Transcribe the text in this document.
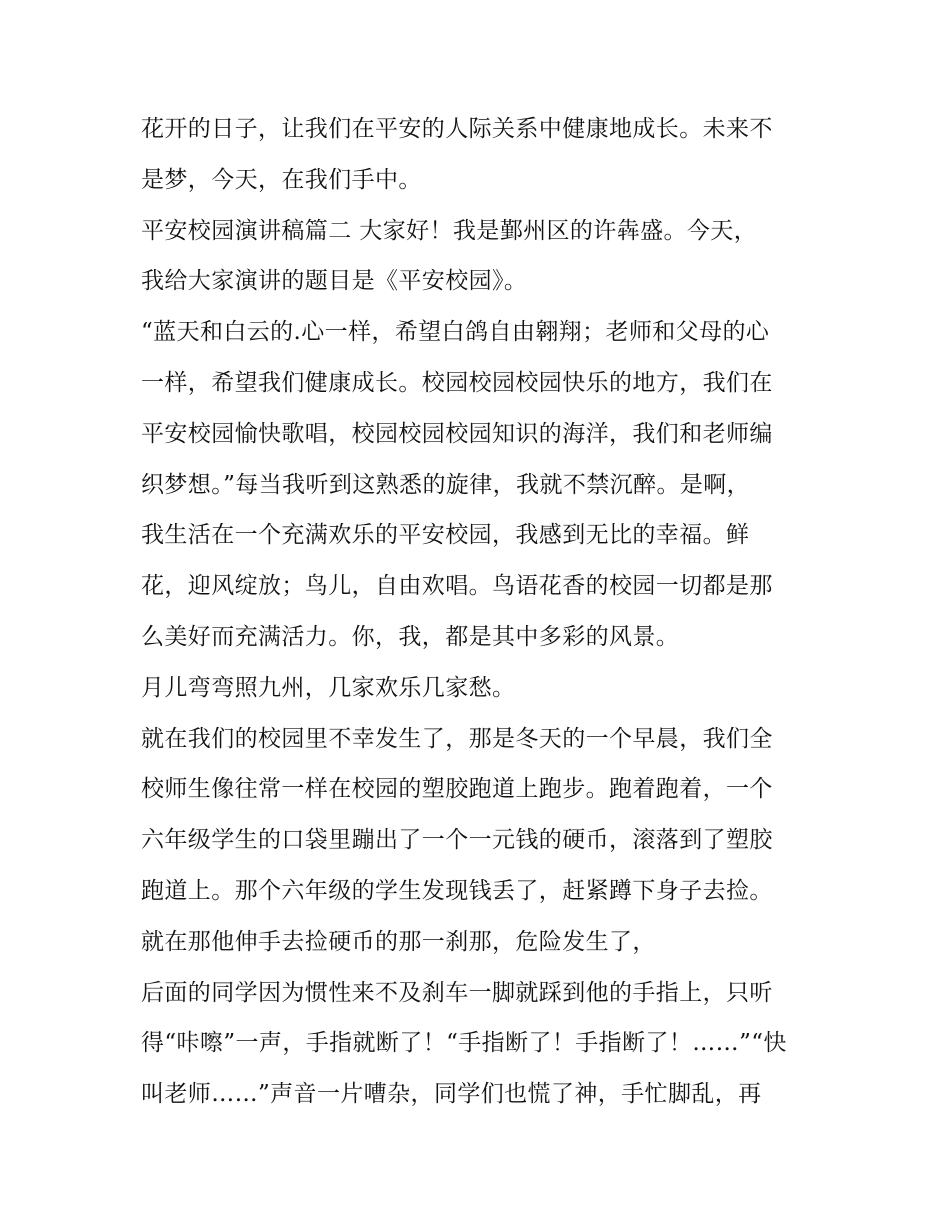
花开的日子，让我们在平安的人际关系中健康地成长。未来不
是梦，今天，在我们手中。
平安校园演讲稿篇二 大家好！我是鄞州区的许犇盛。今天，
我给大家演讲的题目是《平安校园》。
“蓝天和白云的.心一样，希望白鸽自由翱翔；老师和父母的心
一样，希望我们健康成长。校园校园校园快乐的地方，我们在
平安校园愉快歌唱，校园校园校园知识的海洋，我们和老师编
织梦想。”每当我听到这熟悉的旋律，我就不禁沉醉。是啊，
我生活在一个充满欢乐的平安校园，我感到无比的幸福。鲜
花，迎风绽放；鸟儿，自由欢唱。鸟语花香的校园一切都是那
么美好而充满活力。你，我，都是其中多彩的风景。
月儿弯弯照九州，几家欢乐几家愁。
就在我们的校园里不幸发生了，那是冬天的一个早晨，我们全
校师生像往常一样在校园的塑胶跑道上跑步。跑着跑着，一个
六年级学生的口袋里蹦出了一个一元钱的硬币，滚落到了塑胶
跑道上。那个六年级的学生发现钱丢了，赶紧蹲下身子去捡。
就在那他伸手去捡硬币的那一刹那，危险发生了，
后面的同学因为惯性来不及刹车一脚就踩到他的手指上，只听
得“咔嚓”一声，手指就断了！“手指断了！手指断了！……”“快
叫老师……”声音一片嘈杂，同学们也慌了神，手忙脚乱，再
